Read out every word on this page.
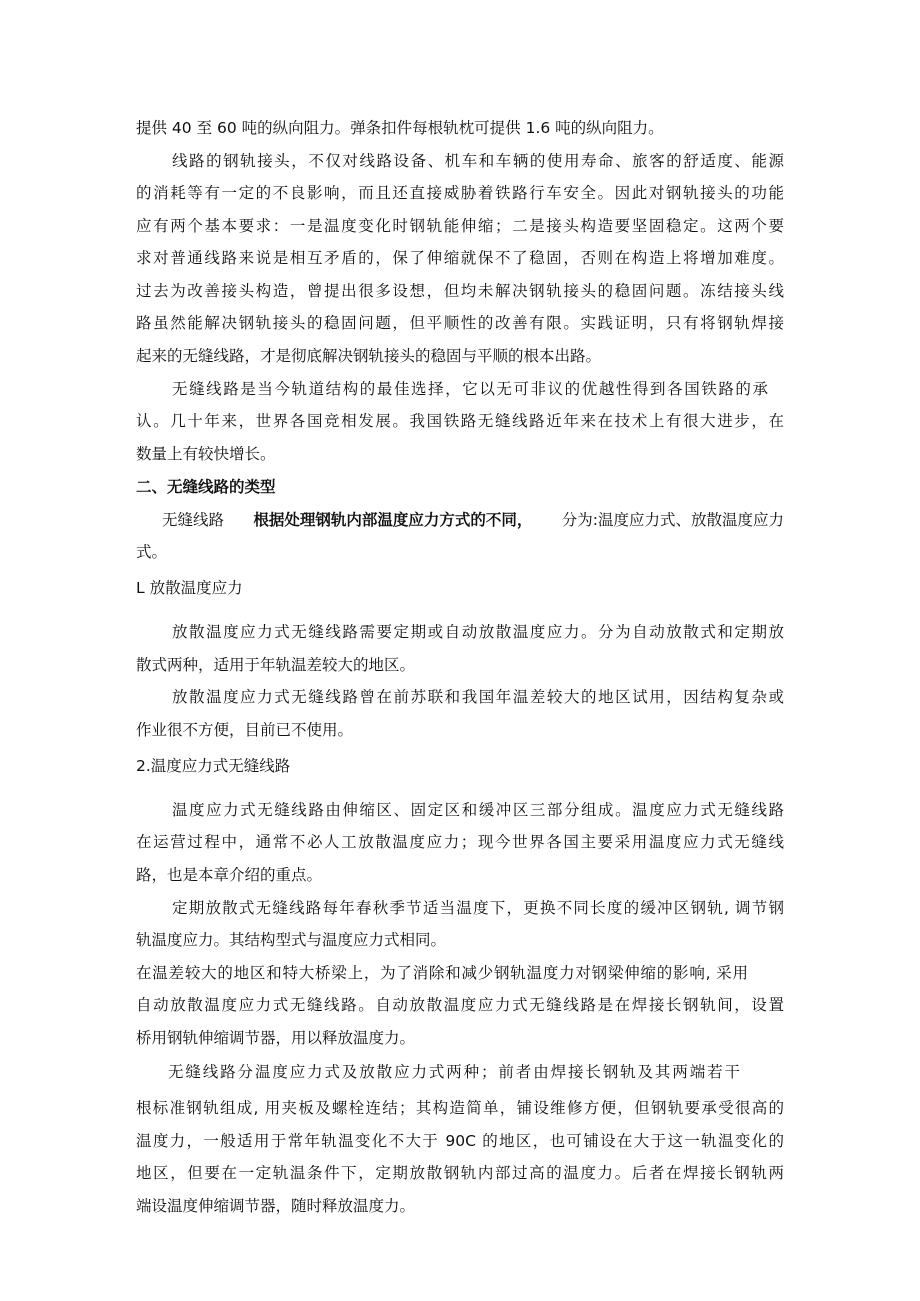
提供 40 至 60 吨的纵向阻力。弹条扣件每根轨枕可提供 1.6 吨的纵向阻力。
线路的钢轨接头，不仅对线路设备、机车和车辆的使用寿命、旅客的舒适度、能源
的消耗等有一定的不良影响，而且还直接威胁着铁路行车安全。因此对钢轨接头的功能
应有两个基本要求：一是温度变化时钢轨能伸缩；二是接头构造要坚固稳定。这两个要
求对普通线路来说是相互矛盾的，保了伸缩就保不了稳固，否则在构造上将增加难度。
过去为改善接头构造，曾提出很多设想，但均未解决钢轨接头的稳固问题。冻结接头线
路虽然能解决钢轨接头的稳固问题，但平顺性的改善有限。实践证明，只有将钢轨焊接
起来的无缝线路，才是彻底解决钢轨接头的稳固与平顺的根本出路。
无缝线路是当今轨道结构的最佳选择，它以无可非议的优越性得到各国铁路的承
认。几十年来，世界各国竞相发展。我国铁路无缝线路近年来在技术上有很大进步，在
数量上有较快增长。
二、无缝线路的类型
无缝线路 根据处理钢轨内部温度应力方式的不同， 分为:温度应力式、放散温度应力
式。
L 放散温度应力
放散温度应力式无缝线路需要定期或自动放散温度应力。分为自动放散式和定期放
散式两种，适用于年轨温差较大的地区。
放散温度应力式无缝线路曾在前苏联和我国年温差较大的地区试用，因结构复杂或
作业很不方便，目前已不使用。
2.温度应力式无缝线路
温度应力式无缝线路由伸缩区、固定区和缓冲区三部分组成。温度应力式无缝线路
在运营过程中，通常不必人工放散温度应力；现今世界各国主要采用温度应力式无缝线
路，也是本章介绍的重点。
定期放散式无缝线路每年春秋季节适当温度下，更换不同长度的缓冲区钢轨, 调节钢
轨温度应力。其结构型式与温度应力式相同。
在温差较大的地区和特大桥梁上，为了消除和减少钢轨温度力对钢梁伸缩的影响, 采用
自动放散温度应力式无缝线路。自动放散温度应力式无缝线路是在焊接长钢轨间，设置
桥用钢轨伸缩调节器，用以释放温度力。
无缝线路分温度应力式及放散应力式两种；前者由焊接长钢轨及其两端若干
根标准钢轨组成, 用夹板及螺栓连结；其构造简单，铺设维修方便，但钢轨要承受很高的
温度力，一般适用于常年轨温变化不大于 90C 的地区，也可铺设在大于这一轨温变化的
地区，但要在一定轨温条件下，定期放散钢轨内部过高的温度力。后者在焊接长钢轨两
端设温度伸缩调节器，随时释放温度力。
